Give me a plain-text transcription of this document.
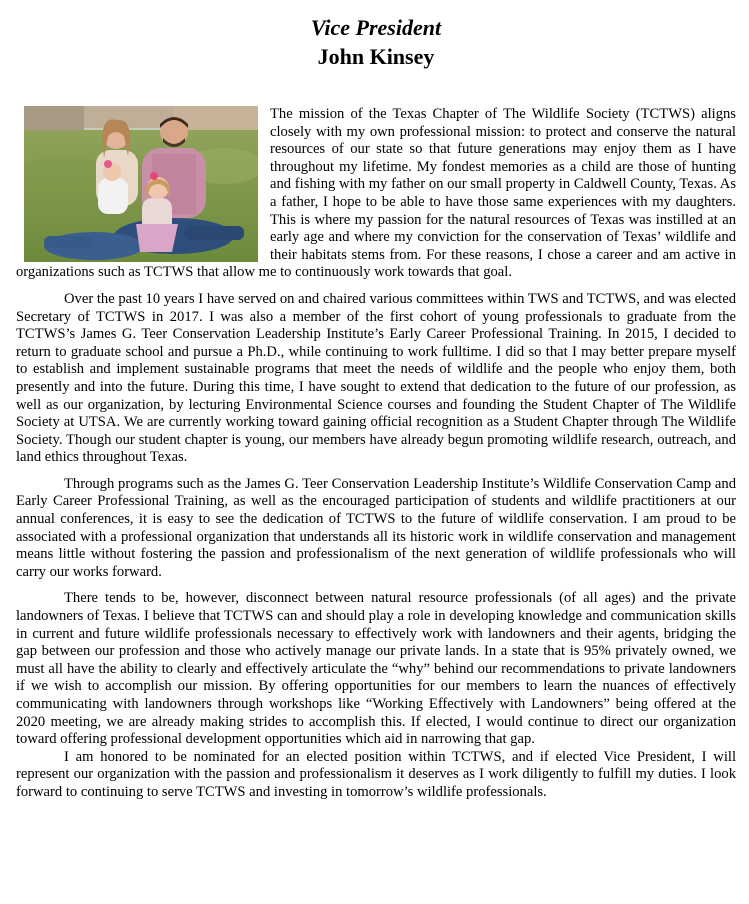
Vice President
John Kinsey

The mission of the Texas Chapter of The Wildlife Society (TCTWS) aligns closely with my own professional mission: to protect and conserve the natural resources of our state so that future generations may enjoy them as I have throughout my lifetime. My fondest memories as a child are those of hunting and fishing with my father on our small property in Caldwell County, Texas. As a father, I hope to be able to have those same experiences with my daughters. This is where my passion for the natural resources of Texas was instilled at an early age and where my conviction for the conservation of Texas’ wildlife and their habitats stems from. For these reasons, I chose a career and am active in organizations such as TCTWS that allow me to continuously work towards that goal.

Over the past 10 years I have served on and chaired various committees within TWS and TCTWS, and was elected Secretary of TCTWS in 2017. I was also a member of the first cohort of young professionals to graduate from the TCTWS’s James G. Teer Conservation Leadership Institute’s Early Career Professional Training. In 2015, I decided to return to graduate school and pursue a Ph.D., while continuing to work fulltime. I did so that I may better prepare myself to establish and implement sustainable programs that meet the needs of wildlife and the people who enjoy them, both presently and into the future. During this time, I have sought to extend that dedication to the future of our profession, as well as our organization, by lecturing Environmental Science courses and founding the Student Chapter of The Wildlife Society at UTSA. We are currently working toward gaining official recognition as a Student Chapter through The Wildlife Society. Though our student chapter is young, our members have already begun promoting wildlife research, outreach, and land ethics throughout Texas.

Through programs such as the James G. Teer Conservation Leadership Institute’s Wildlife Conservation Camp and Early Career Professional Training, as well as the encouraged participation of students and wildlife practitioners at our annual conferences, it is easy to see the dedication of TCTWS to the future of wildlife conservation. I am proud to be associated with a professional organization that understands all its historic work in wildlife conservation and management means little without fostering the passion and professionalism of the next generation of wildlife professionals who will carry our works forward.

There tends to be, however, disconnect between natural resource professionals (of all ages) and the private landowners of Texas. I believe that TCTWS can and should play a role in developing knowledge and communication skills in current and future wildlife professionals necessary to effectively work with landowners and their agents, bridging the gap between our profession and those who actively manage our private lands. In a state that is 95% privately owned, we must all have the ability to clearly and effectively articulate the “why” behind our recommendations to private landowners if we wish to accomplish our mission. By offering opportunities for our members to learn the nuances of effectively communicating with landowners through workshops like “Working Effectively with Landowners” being offered at the 2020 meeting, we are already making strides to accomplish this. If elected, I would continue to direct our organization toward offering professional development opportunities which aid in narrowing that gap.

I am honored to be nominated for an elected position within TCTWS, and if elected Vice President, I will represent our organization with the passion and professionalism it deserves as I work diligently to fulfill my duties. I look forward to continuing to serve TCTWS and investing in tomorrow’s wildlife professionals.
